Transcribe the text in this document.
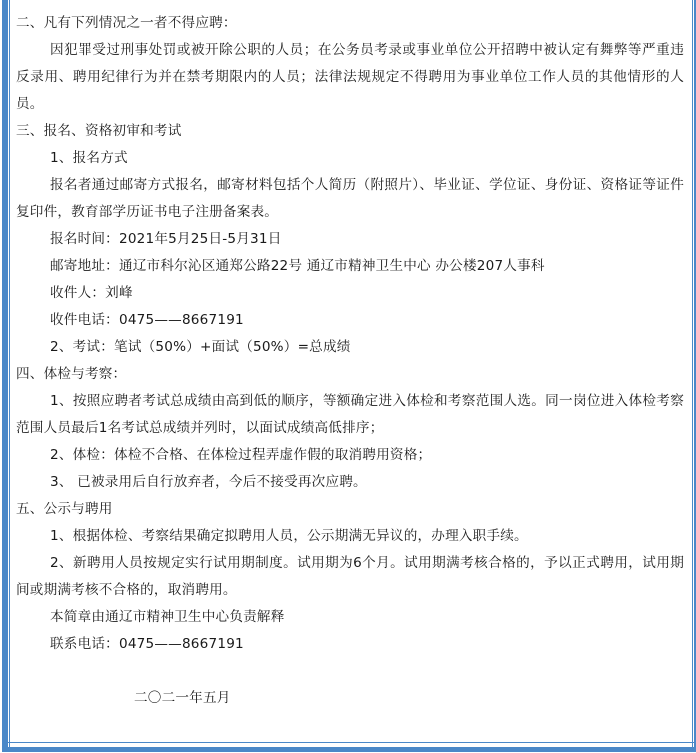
二、凡有下列情况之一者不得应聘：

因犯罪受过刑事处罚或被开除公职的人员；在公务员考录或事业单位公开招聘中被认定有舞弊等严重违反录用、聘用纪律行为并在禁考期限内的人员；法律法规规定不得聘用为事业单位工作人员的其他情形的人员。

三、报名、资格初审和考试

1、报名方式

报名者通过邮寄方式报名，邮寄材料包括个人简历（附照片）、毕业证、学位证、身份证、资格证等证件复印件，教育部学历证书电子注册备案表。

报名时间：2021年5月25日-5月31日

邮寄地址：通辽市科尔沁区通郑公路22号 通辽市精神卫生中心 办公楼207人事科

收件人：刘峰

收件电话：0475——8667191

2、考试：笔试（50%）+面试（50%）=总成绩

四、体检与考察：

1、按照应聘者考试总成绩由高到低的顺序，等额确定进入体检和考察范围人选。同一岗位进入体检考察范围人员最后1名考试总成绩并列时，以面试成绩高低排序；

2、体检：体检不合格、在体检过程弄虚作假的取消聘用资格；

3、 已被录用后自行放弃者，今后不接受再次应聘。

五、公示与聘用

1、根据体检、考察结果确定拟聘用人员，公示期满无异议的，办理入职手续。

2、新聘用人员按规定实行试用期制度。试用期为6个月。试用期满考核合格的，予以正式聘用，试用期间或期满考核不合格的，取消聘用。

本简章由通辽市精神卫生中心负责解释

联系电话：0475——8667191

二〇二一年五月
